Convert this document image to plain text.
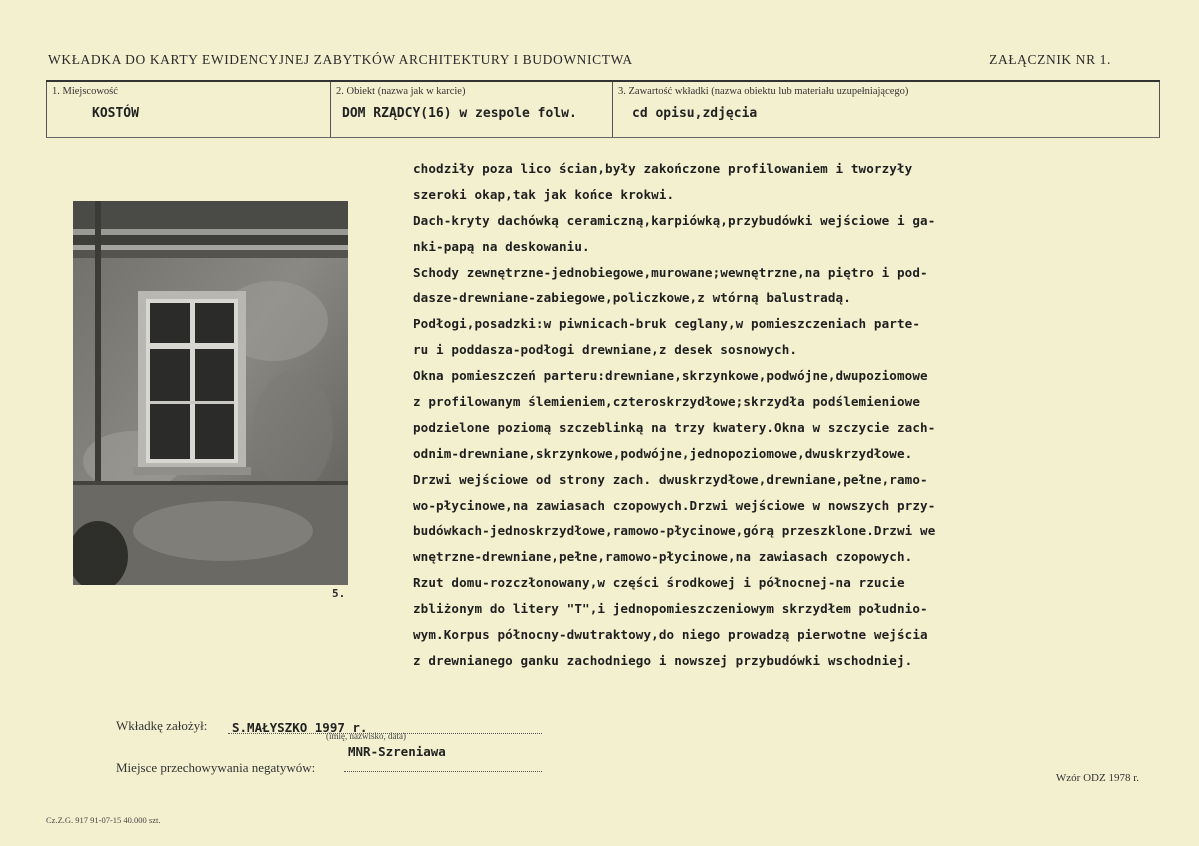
WKŁADKA DO KARTY EWIDENCYJNEJ ZABYTKÓW ARCHITEKTURY I BUDOWNICTWA	ZAŁĄCZNIK NR 1.
1. Miejscowość
KOSTÓW
2. Obiekt (nazwa jak w karcie)
DOM RZĄDCY(16) w zespole folw.
3. Zawartość wkładki (nazwa obiektu lub materiału uzupełniającego)
cd opisu,zdjęcia
5.
chodziły poza lico ścian,były zakończone profilowaniem i tworzyły
szeroki okap,tak jak końce krokwi.
Dach-kryty dachówką ceramiczną,karpiówką,przybudówki wejściowe i ga-
nki-papą na deskowaniu.
Schody zewnętrzne-jednobiegowe,murowane;wewnętrzne,na piętro i pod-
dasze-drewniane-zabiegowe,policzkowe,z wtórną balustradą.
Podłogi,posadzki:w piwnicach-bruk ceglany,w pomieszczeniach parte-
ru i poddasza-podłogi drewniane,z desek sosnowych.
Okna pomieszczeń parteru:drewniane,skrzynkowe,podwójne,dwupoziomowe
z profilowanym ślemieniem,czteroskrzydłowe;skrzydła podślemieniowe
podzielone poziomą szczeblinką na trzy kwatery.Okna w szczycie zach-
odnim-drewniane,skrzynkowe,podwójne,jednopoziomowe,dwuskrzydłowe.
Drzwi wejściowe od strony zach. dwuskrzydłowe,drewniane,pełne,ramo-
wo-płycinowe,na zawiasach czopowych.Drzwi wejściowe w nowszych przy-
budówkach-jednoskrzydłowe,ramowo-płycinowe,górą przeszklone.Drzwi we
wnętrzne-drewniane,pełne,ramowo-płycinowe,na zawiasach czopowych.
Rzut domu-rozczłonowany,w części środkowej i północnej-na rzucie
zbliżonym do litery "T",i jednopomieszczeniowym skrzydłem południo-
wym.Korpus północny-dwutraktowy,do niego prowadzą pierwotne wejścia
z drewnianego ganku zachodniego i nowszej przybudówki wschodniej.
Wkładkę założył: S.MAŁYSZKO 1997 r.
(imię, nazwisko, data)
MNR-Szreniawa
Miejsce przechowywania negatywów:
Wzór ODZ 1978 r.
Cz.Z.G. 917 91-07-15 40.000 szt.
